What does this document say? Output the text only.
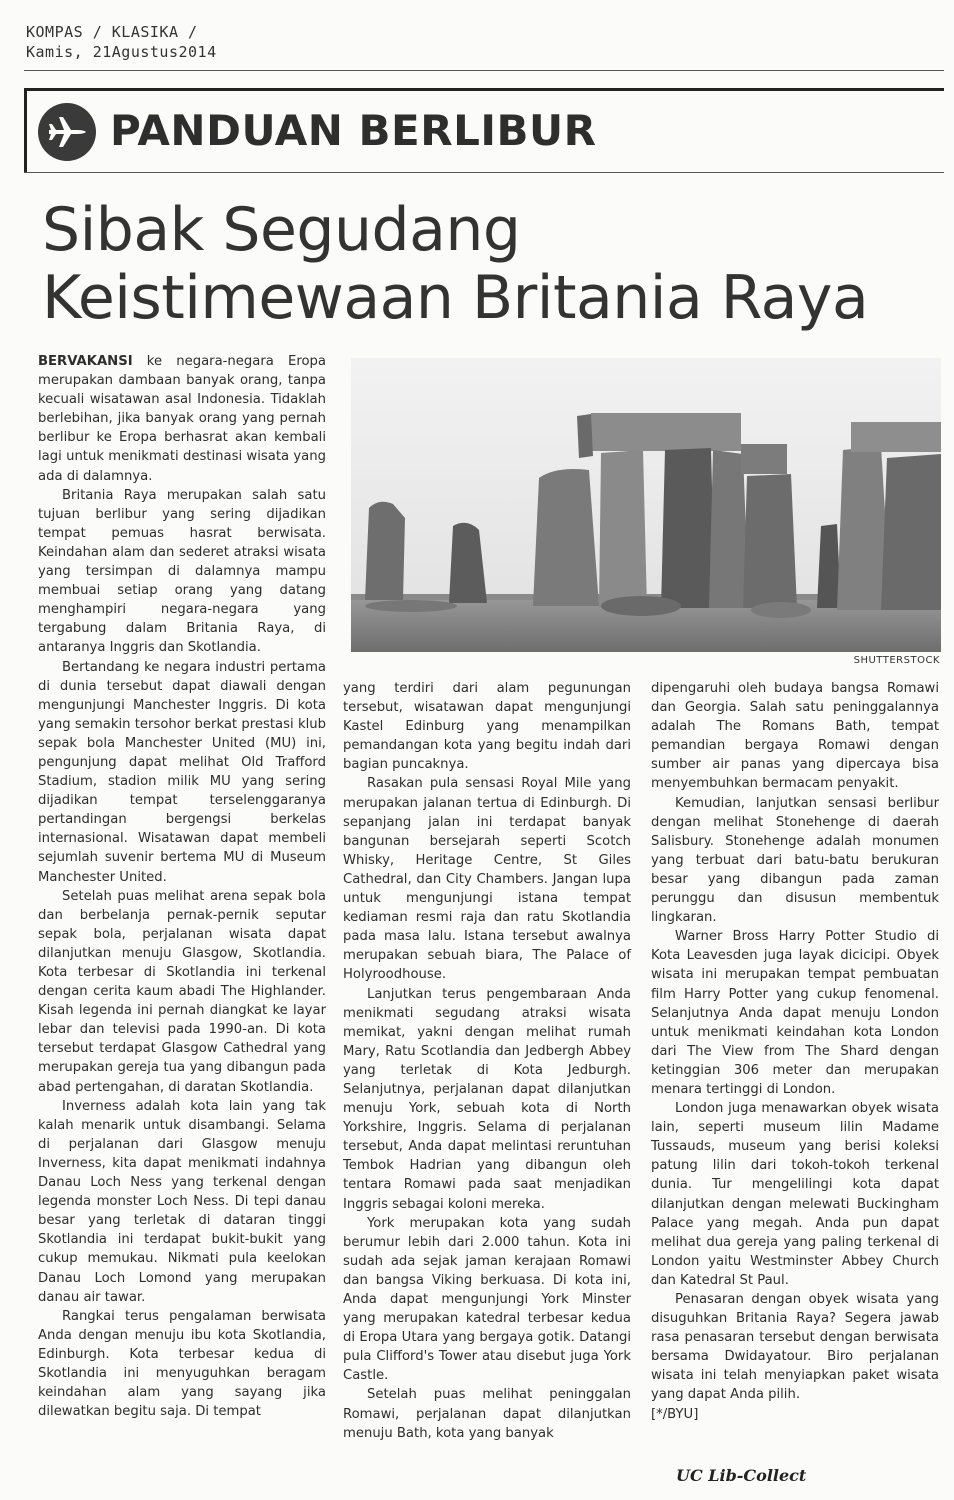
KOMPAS / KLASIKA /
Kamis, 21Agustus2014
PANDUAN BERLIBUR
Sibak Segudang
Keistimewaan Britania Raya
SHUTTERSTOCK

BERVAKANSI ke negara-negara Eropa merupakan dambaan banyak orang, tanpa kecuali wisatawan asal Indonesia. Tidaklah berlebihan, jika banyak orang yang pernah berlibur ke Eropa berhasrat akan kembali lagi untuk menikmati destinasi wisata yang ada di dalamnya.

Britania Raya merupakan salah satu tujuan berlibur yang sering dijadikan tempat pemuas hasrat berwisata. Keindahan alam dan sederet atraksi wisata yang tersimpan di dalamnya mampu membuai setiap orang yang datang menghampiri negara-negara yang tergabung dalam Britania Raya, di antaranya Inggris dan Skotlandia.

Bertandang ke negara industri pertama di dunia tersebut dapat diawali dengan mengunjungi Manchester Inggris. Di kota yang semakin tersohor berkat prestasi klub sepak bola Manchester United (MU) ini, pengunjung dapat melihat Old Trafford Stadium, stadion milik MU yang sering dijadikan tempat terselenggaranya pertandingan bergengsi berkelas internasional. Wisatawan dapat membeli sejumlah suvenir bertema MU di Museum Manchester United.

Setelah puas melihat arena sepak bola dan berbelanja pernak-pernik seputar sepak bola, perjalanan wisata dapat dilanjutkan menuju Glasgow, Skotlandia. Kota terbesar di Skotlandia ini terkenal dengan cerita kaum abadi The Highlander. Kisah legenda ini pernah diangkat ke layar lebar dan televisi pada 1990-an. Di kota tersebut terdapat Glasgow Cathedral yang merupakan gereja tua yang dibangun pada abad pertengahan, di daratan Skotlandia.

Inverness adalah kota lain yang tak kalah menarik untuk disambangi. Selama di perjalanan dari Glasgow menuju Inverness, kita dapat menikmati indahnya Danau Loch Ness yang terkenal dengan legenda monster Loch Ness. Di tepi danau besar yang terletak di dataran tinggi Skotlandia ini terdapat bukit-bukit yang cukup memukau. Nikmati pula keelokan Danau Loch Lomond yang merupakan danau air tawar.

Rangkai terus pengalaman berwisata Anda dengan menuju ibu kota Skotlandia, Edinburgh. Kota terbesar kedua di Skotlandia ini menyuguhkan beragam keindahan alam yang sayang jika dilewatkan begitu saja. Di tempat

yang terdiri dari alam pegunungan tersebut, wisatawan dapat mengunjungi Kastel Edinburg yang menampilkan pemandangan kota yang begitu indah dari bagian puncaknya.

Rasakan pula sensasi Royal Mile yang merupakan jalanan tertua di Edinburgh. Di sepanjang jalan ini terdapat banyak bangunan bersejarah seperti Scotch Whisky, Heritage Centre, St Giles Cathedral, dan City Chambers. Jangan lupa untuk mengunjungi istana tempat kediaman resmi raja dan ratu Skotlandia pada masa lalu. Istana tersebut awalnya merupakan sebuah biara, The Palace of Holyroodhouse.

Lanjutkan terus pengembaraan Anda menikmati segudang atraksi wisata memikat, yakni dengan melihat rumah Mary, Ratu Scotlandia dan Jedbergh Abbey yang terletak di Kota Jedburgh. Selanjutnya, perjalanan dapat dilanjutkan menuju York, sebuah kota di North Yorkshire, Inggris. Selama di perjalanan tersebut, Anda dapat melintasi reruntuhan Tembok Hadrian yang dibangun oleh tentara Romawi pada saat menjadikan Inggris sebagai koloni mereka.

York merupakan kota yang sudah berumur lebih dari 2.000 tahun. Kota ini sudah ada sejak jaman kerajaan Romawi dan bangsa Viking berkuasa. Di kota ini, Anda dapat mengunjungi York Minster yang merupakan katedral terbesar kedua di Eropa Utara yang bergaya gotik. Datangi pula Clifford's Tower atau disebut juga York Castle.

Setelah puas melihat peninggalan Romawi, perjalanan dapat dilanjutkan menuju Bath, kota yang banyak

dipengaruhi oleh budaya bangsa Romawi dan Georgia. Salah satu peninggalannya adalah The Romans Bath, tempat pemandian bergaya Romawi dengan sumber air panas yang dipercaya bisa menyembuhkan bermacam penyakit.

Kemudian, lanjutkan sensasi berlibur dengan melihat Stonehenge di daerah Salisbury. Stonehenge adalah monumen yang terbuat dari batu-batu berukuran besar yang dibangun pada zaman perunggu dan disusun membentuk lingkaran.

Warner Bross Harry Potter Studio di Kota Leavesden juga layak dicicipi. Obyek wisata ini merupakan tempat pembuatan film Harry Potter yang cukup fenomenal. Selanjutnya Anda dapat menuju London untuk menikmati keindahan kota London dari The View from The Shard dengan ketinggian 306 meter dan merupakan menara tertinggi di London.

London juga menawarkan obyek wisata lain, seperti museum lilin Madame Tussauds, museum yang berisi koleksi patung lilin dari tokoh-tokoh terkenal dunia. Tur mengelilingi kota dapat dilanjutkan dengan melewati Buckingham Palace yang megah. Anda pun dapat melihat dua gereja yang paling terkenal di London yaitu Westminster Abbey Church dan Katedral St Paul.

Penasaran dengan obyek wisata yang disuguhkan Britania Raya? Segera jawab rasa penasaran tersebut dengan berwisata bersama Dwidayatour. Biro perjalanan wisata ini telah menyiapkan paket wisata yang dapat Anda pilih.

[*/BYU]

UC Lib-Collect
